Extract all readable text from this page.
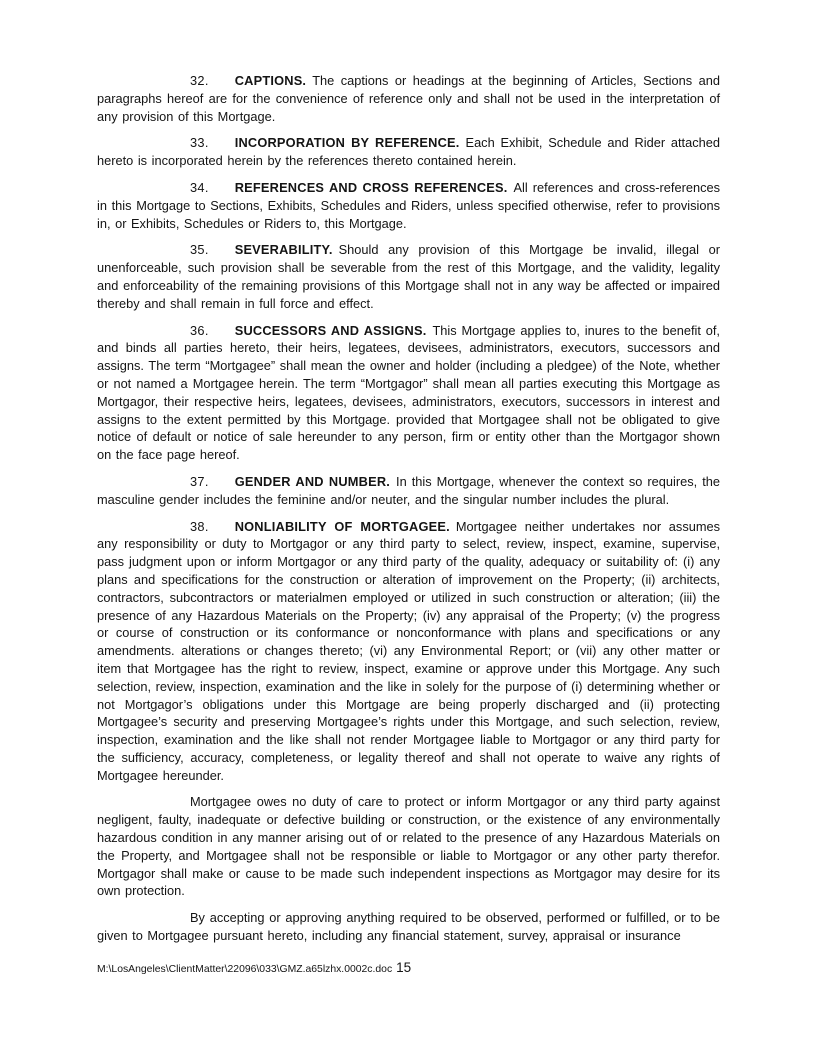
32. CAPTIONS. The captions or headings at the beginning of Articles, Sections and paragraphs hereof are for the convenience of reference only and shall not be used in the interpretation of any provision of this Mortgage.

33. INCORPORATION BY REFERENCE. Each Exhibit, Schedule and Rider attached hereto is incorporated herein by the references thereto contained herein.

34. REFERENCES AND CROSS REFERENCES. All references and cross-references in this Mortgage to Sections, Exhibits, Schedules and Riders, unless specified otherwise, refer to provisions in, or Exhibits, Schedules or Riders to, this Mortgage.

35. SEVERABILITY. Should any provision of this Mortgage be invalid, illegal or unenforceable, such provision shall be severable from the rest of this Mortgage, and the validity, legality and enforceability of the remaining provisions of this Mortgage shall not in any way be affected or impaired thereby and shall remain in full force and effect.

36. SUCCESSORS AND ASSIGNS. This Mortgage applies to, inures to the benefit of, and binds all parties hereto, their heirs, legatees, devisees, administrators, executors, successors and assigns. The term “Mortgagee” shall mean the owner and holder (including a pledgee) of the Note, whether or not named a Mortgagee herein. The term “Mortgagor” shall mean all parties executing this Mortgage as Mortgagor, their respective heirs, legatees, devisees, administrators, executors, successors in interest and assigns to the extent permitted by this Mortgage. provided that Mortgagee shall not be obligated to give notice of default or notice of sale hereunder to any person, firm or entity other than the Mortgagor shown on the face page hereof.

37. GENDER AND NUMBER. In this Mortgage, whenever the context so requires, the masculine gender includes the feminine and/or neuter, and the singular number includes the plural.

38. NONLIABILITY OF MORTGAGEE. Mortgagee neither undertakes nor assumes any responsibility or duty to Mortgagor or any third party to select, review, inspect, examine, supervise, pass judgment upon or inform Mortgagor or any third party of the quality, adequacy or suitability of: (i) any plans and specifications for the construction or alteration of improvement on the Property; (ii) architects, contractors, subcontractors or materialmen employed or utilized in such construction or alteration; (iii) the presence of any Hazardous Materials on the Property; (iv) any appraisal of the Property; (v) the progress or course of construction or its conformance or nonconformance with plans and specifications or any amendments. alterations or changes thereto; (vi) any Environmental Report; or (vii) any other matter or item that Mortgagee has the right to review, inspect, examine or approve under this Mortgage. Any such selection, review, inspection, examination and the like in solely for the purpose of (i) determining whether or not Mortgagor’s obligations under this Mortgage are being properly discharged and (ii) protecting Mortgagee’s security and preserving Mortgagee’s rights under this Mortgage, and such selection, review, inspection, examination and the like shall not render Mortgagee liable to Mortgagor or any third party for the sufficiency, accuracy, completeness, or legality thereof and shall not operate to waive any rights of Mortgagee hereunder.

Mortgagee owes no duty of care to protect or inform Mortgagor or any third party against negligent, faulty, inadequate or defective building or construction, or the existence of any environmentally hazardous condition in any manner arising out of or related to the presence of any Hazardous Materials on the Property, and Mortgagee shall not be responsible or liable to Mortgagor or any other party therefor. Mortgagor shall make or cause to be made such independent inspections as Mortgagor may desire for its own protection.

By accepting or approving anything required to be observed, performed or fulfilled, or to be given to Mortgagee pursuant hereto, including any financial statement, survey, appraisal or insurance

M:\LosAngeles\ClientMatter\22096\033\GMZ.a65lzhx.0002c.doc 15
